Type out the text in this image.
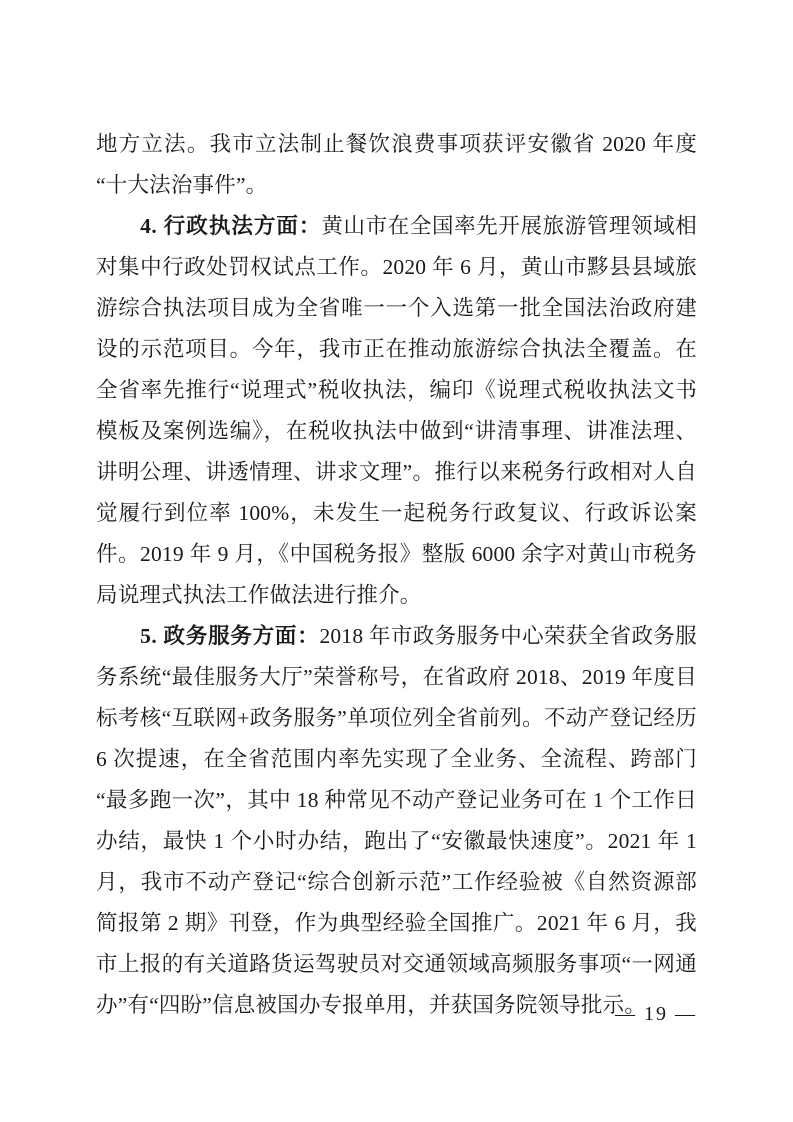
地方立法。我市立法制止餐饮浪费事项获评安徽省 2020 年度“十大法治事件”。

4. 行政执法方面：黄山市在全国率先开展旅游管理领域相对集中行政处罚权试点工作。2020 年 6 月，黄山市黟县县域旅游综合执法项目成为全省唯一一个入选第一批全国法治政府建设的示范项目。今年，我市正在推动旅游综合执法全覆盖。在全省率先推行“说理式”税收执法，编印《说理式税收执法文书模板及案例选编》，在税收执法中做到“讲清事理、讲准法理、讲明公理、讲透情理、讲求文理”。推行以来税务行政相对人自觉履行到位率 100%，未发生一起税务行政复议、行政诉讼案件。2019 年 9 月，《中国税务报》整版 6000 余字对黄山市税务局说理式执法工作做法进行推介。

5. 政务服务方面：2018 年市政务服务中心荣获全省政务服务系统“最佳服务大厅”荣誉称号，在省政府 2018、2019 年度目标考核“互联网+政务服务”单项位列全省前列。不动产登记经历 6 次提速，在全省范围内率先实现了全业务、全流程、跨部门“最多跑一次”，其中 18 种常见不动产登记业务可在 1 个工作日办结，最快 1 个小时办结，跑出了“安徽最快速度”。2021 年 1 月，我市不动产登记“综合创新示范”工作经验被《自然资源部 简报第 2 期》刊登，作为典型经验全国推广。2021 年 6 月，我市上报的有关道路货运驾驶员对交通领域高频服务事项“一网通办”有“四盼”信息被国办专报单用，并获国务院领导批示。

— 19 —
